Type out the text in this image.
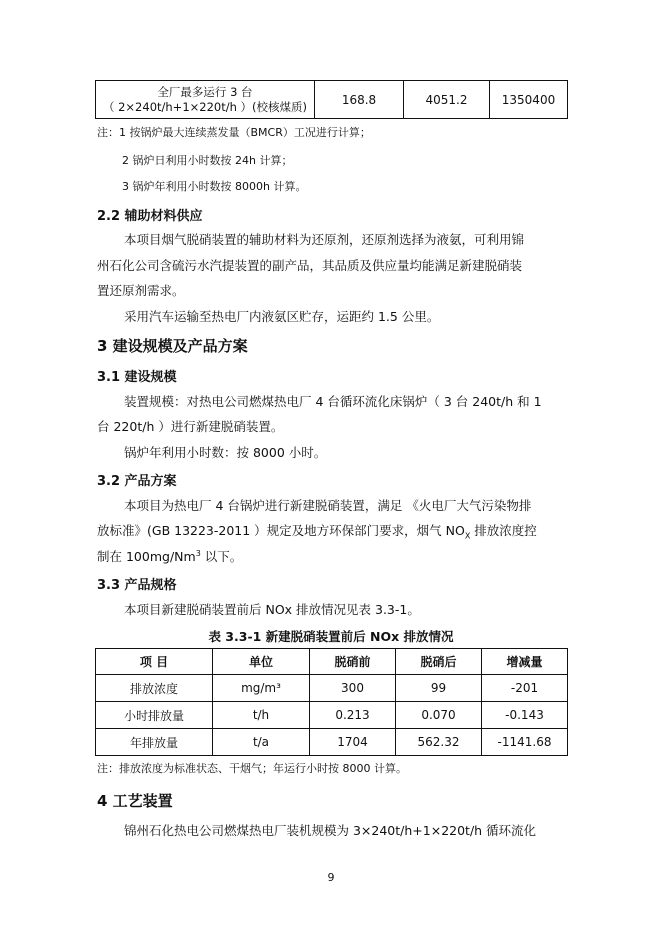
全厂最多运行 3 台
（ 2×240t/h+1×220t/h ）(校核煤质)	168.8	4051.2	1350400
注：1 按锅炉最大连续蒸发量（BMCR）工况进行计算；
2 锅炉日利用小时数按 24h 计算；
3 锅炉年利用小时数按 8000h 计算。
2.2 辅助材料供应
本项目烟气脱硝装置的辅助材料为还原剂，还原剂选择为液氨，可利用锦
州石化公司含硫污水汽提装置的副产品，其品质及供应量均能满足新建脱硝装
置还原剂需求。
采用汽车运输至热电厂内液氨区贮存，运距约 1.5 公里。
3 建设规模及产品方案
3.1 建设规模
装置规模：对热电公司燃煤热电厂 4 台循环流化床锅炉（ 3 台 240t/h 和 1
台 220t/h ）进行新建脱硝装置。
锅炉年利用小时数：按 8000 小时。
3.2 产品方案
本项目为热电厂 4 台锅炉进行新建脱硝装置，满足 《火电厂大气污染物排
放标准》(GB 13223-2011 ）规定及地方环保部门要求，烟气 $NO_X$ 排放浓度控
制在 100mg/Nm$^3$ 以下。
3.3 产品规格
本项目新建脱硝装置前后 NOx 排放情况见表 3.3-1。
表 3.3-1 新建脱硝装置前后 NOx 排放情况
项 目	单位	脱硝前	脱硝后	增减量
排放浓度	mg/m³	300	99	-201
小时排放量	t/h	0.213	0.070	-0.143
年排放量	t/a	1704	562.32	-1141.68
注：排放浓度为标准状态、干烟气；年运行小时按 8000 计算。
4 工艺装置
锦州石化热电公司燃煤热电厂装机规模为 3×240t/h+1×220t/h 循环流化
9
